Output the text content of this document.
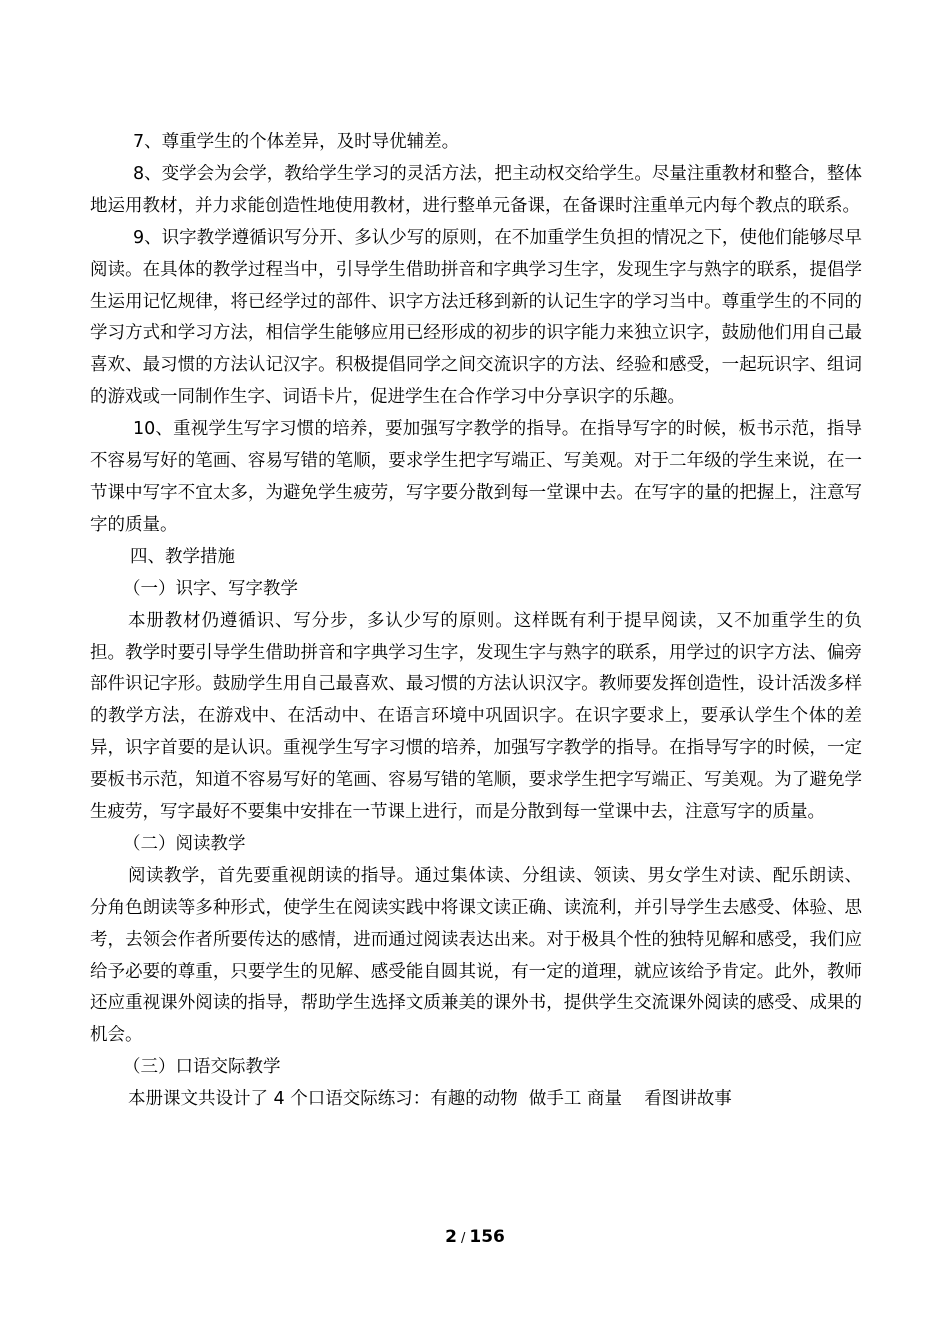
7、尊重学生的个体差异，及时导优辅差。

8、变学会为会学，教给学生学习的灵活方法，把主动权交给学生。尽量注重教材和整合，整体地运用教材，并力求能创造性地使用教材，进行整单元备课，在备课时注重单元内每个教点的联系。

9、识字教学遵循识写分开、多认少写的原则，在不加重学生负担的情况之下，使他们能够尽早阅读。在具体的教学过程当中，引导学生借助拼音和字典学习生字，发现生字与熟字的联系，提倡学生运用记忆规律，将已经学过的部件、识字方法迁移到新的认记生字的学习当中。尊重学生的不同的学习方式和学习方法，相信学生能够应用已经形成的初步的识字能力来独立识字，鼓励他们用自己最喜欢、最习惯的方法认记汉字。积极提倡同学之间交流识字的方法、经验和感受，一起玩识字、组词的游戏或一同制作生字、词语卡片，促进学生在合作学习中分享识字的乐趣。

10、重视学生写字习惯的培养，要加强写字教学的指导。在指导写字的时候，板书示范，指导不容易写好的笔画、容易写错的笔顺，要求学生把字写端正、写美观。对于二年级的学生来说，在一节课中写字不宜太多，为避免学生疲劳，写字要分散到每一堂课中去。在写字的量的把握上，注意写字的质量。

四、教学措施

（一）识字、写字教学

本册教材仍遵循识、写分步，多认少写的原则。这样既有利于提早阅读，又不加重学生的负担。教学时要引导学生借助拼音和字典学习生字，发现生字与熟字的联系，用学过的识字方法、偏旁部件识记字形。鼓励学生用自己最喜欢、最习惯的方法认识汉字。教师要发挥创造性，设计活泼多样的教学方法，在游戏中、在活动中、在语言环境中巩固识字。在识字要求上，要承认学生个体的差异，识字首要的是认识。重视学生写字习惯的培养，加强写字教学的指导。在指导写字的时候，一定要板书示范，知道不容易写好的笔画、容易写错的笔顺，要求学生把字写端正、写美观。为了避免学生疲劳，写字最好不要集中安排在一节课上进行，而是分散到每一堂课中去，注意写字的质量。

（二）阅读教学

阅读教学，首先要重视朗读的指导。通过集体读、分组读、领读、男女学生对读、配乐朗读、分角色朗读等多种形式，使学生在阅读实践中将课文读正确、读流利，并引导学生去感受、体验、思考，去领会作者所要传达的感情，进而通过阅读表达出来。对于极具个性的独特见解和感受，我们应给予必要的尊重，只要学生的见解、感受能自圆其说，有一定的道理，就应该给予肯定。此外，教师还应重视课外阅读的指导，帮助学生选择文质兼美的课外书，提供学生交流课外阅读的感受、成果的机会。

（三）口语交际教学

本册课文共设计了 4 个口语交际练习：有趣的动物  做手工 商量    看图讲故事

2 / 156
